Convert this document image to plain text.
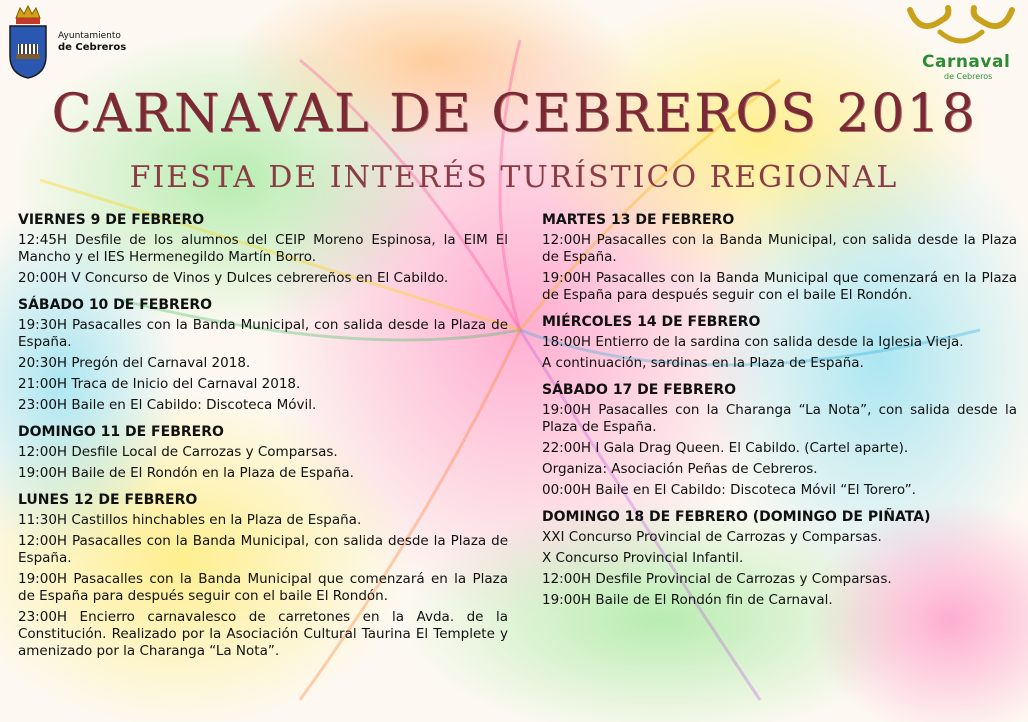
Ayuntamiento
de Cebreros
Carnaval
de Cebreros
CARNAVAL DE CEBREROS 2018
FIESTA DE INTERÉS TURÍSTICO REGIONAL
VIERNES 9 DE FEBRERO
12:45H Desfile de los alumnos del CEIP Moreno Espinosa, la EIM El Mancho y el IES Hermenegildo Martín Borro.
20:00H V Concurso de Vinos y Dulces cebrereños en El Cabildo.
SÁBADO 10 DE FEBRERO
19:30H Pasacalles con la Banda Municipal, con salida desde la Plaza de España.
20:30H Pregón del Carnaval 2018.
21:00H Traca de Inicio del Carnaval 2018.
23:00H Baile en El Cabildo: Discoteca Móvil.
DOMINGO 11 DE FEBRERO
12:00H Desfile Local de Carrozas y Comparsas.
19:00H Baile de El Rondón en la Plaza de España.
LUNES 12 DE FEBRERO
11:30H Castillos hinchables en la Plaza de España.
12:00H Pasacalles con la Banda Municipal, con salida desde la Plaza de España.
19:00H Pasacalles con la Banda Municipal que comenzará en la Plaza de España para después seguir con el baile El Rondón.
23:00H Encierro carnavalesco de carretones en la Avda. de la Constitución. Realizado por la Asociación Cultural Taurina El Templete y amenizado por la Charanga “La Nota”.
MARTES 13 DE FEBRERO
12:00H Pasacalles con la Banda Municipal, con salida desde la Plaza de España.
19:00H Pasacalles con la Banda Municipal que comenzará en la Plaza de España para después seguir con el baile El Rondón.
MIÉRCOLES 14 DE FEBRERO
18:00H Entierro de la sardina con salida desde la Iglesia Vieja.
A continuación, sardinas en la Plaza de España.
SÁBADO 17 DE FEBRERO
19:00H Pasacalles con la Charanga “La Nota”, con salida desde la Plaza de España.
22:00H I Gala Drag Queen. El Cabildo. (Cartel aparte).
Organiza: Asociación Peñas de Cebreros.
00:00H Baile en El Cabildo: Discoteca Móvil “El Torero”.
DOMINGO 18 DE FEBRERO (DOMINGO DE PIÑATA)
XXI Concurso Provincial de Carrozas y Comparsas.
X Concurso Provincial Infantil.
12:00H Desfile Provincial de Carrozas y Comparsas.
19:00H Baile de El Rondón fin de Carnaval.
